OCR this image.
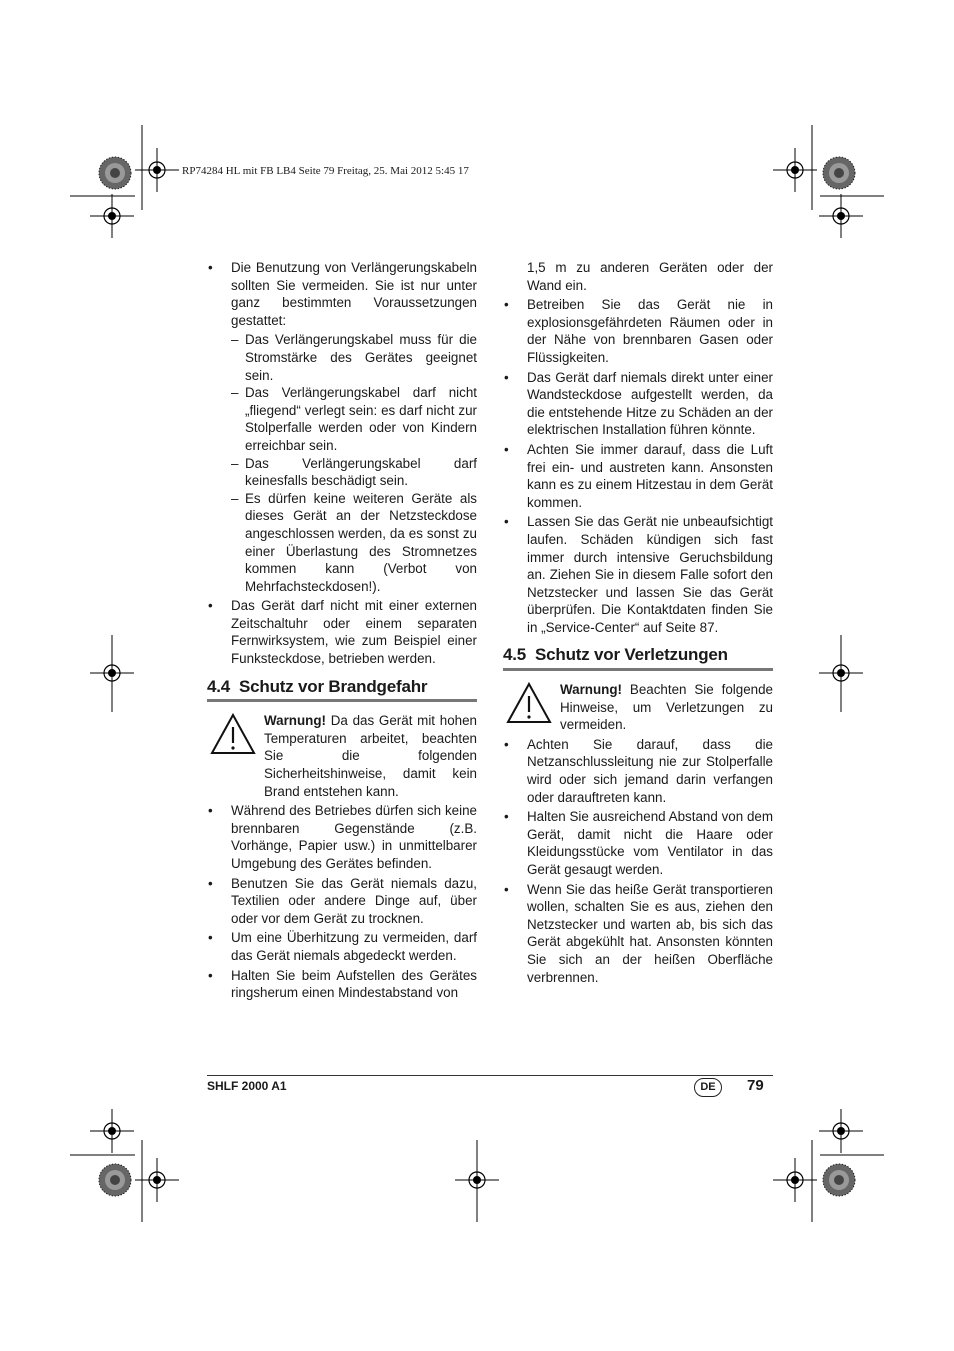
RP74284 HL mit FB LB4 Seite 79 Freitag, 25. Mai 2012 5:45 17

• Die Benutzung von Verlängerungskabeln sollten Sie vermeiden. Sie ist nur unter ganz bestimmten Voraussetzungen gestattet:

– Das Verlängerungskabel muss für die Stromstärke des Gerätes geeignet sein.
– Das Verlängerungskabel darf nicht „fliegend“ verlegt sein: es darf nicht zur Stolperfalle werden oder von Kindern erreichbar sein.
– Das Verlängerungskabel darf keinesfalls beschädigt sein.
– Es dürfen keine weiteren Geräte als dieses Gerät an der Netzsteckdose angeschlossen werden, da es sonst zu einer Überlastung des Stromnetzes kommen kann (Verbot von Mehrfachsteckdosen!).

• Das Gerät darf nicht mit einer externen Zeitschaltuhr oder einem separaten Fernwirksystem, wie zum Beispiel einer Funksteckdose, betrieben werden.

4.4 Schutz vor Brandgefahr
Warnung! Da das Gerät mit hohen Temperaturen arbeitet, beachten Sie die folgenden Sicherheitshinweise, damit kein Brand entstehen kann.

• Während des Betriebes dürfen sich keine brennbaren Gegenstände (z.B. Vorhänge, Papier usw.) in unmittelbarer Umgebung des Gerätes befinden.

• Benutzen Sie das Gerät niemals dazu, Textilien oder andere Dinge auf, über oder vor dem Gerät zu trocknen.

• Um eine Überhitzung zu vermeiden, darf das Gerät niemals abgedeckt werden.

• Halten Sie beim Aufstellen des Gerätes ringsherum einen Mindestabstand von

1,5 m zu anderen Geräten oder der Wand ein.

• Betreiben Sie das Gerät nie in explosionsgefährdeten Räumen oder in der Nähe von brennbaren Gasen oder Flüssigkeiten.

• Das Gerät darf niemals direkt unter einer Wandsteckdose aufgestellt werden, da die entstehende Hitze zu Schäden an der elektrischen Installation führen könnte.

• Achten Sie immer darauf, dass die Luft frei ein- und austreten kann. Ansonsten kann es zu einem Hitzestau in dem Gerät kommen.

• Lassen Sie das Gerät nie unbeaufsichtigt laufen. Schäden kündigen sich fast immer durch intensive Geruchsbildung an. Ziehen Sie in diesem Falle sofort den Netzstecker und lassen Sie das Gerät überprüfen. Die Kontaktdaten finden Sie in „Service-Center“ auf Seite 87.

4.5 Schutz vor Verletzungen
Warnung! Beachten Sie folgende Hinweise, um Verletzungen zu vermeiden.

• Achten Sie darauf, dass die Netzanschlussleitung nie zur Stolperfalle wird oder sich jemand darin verfangen oder darauftreten kann.

• Halten Sie ausreichend Abstand von dem Gerät, damit nicht die Haare oder Kleidungsstücke vom Ventilator in das Gerät gesaugt werden.

• Wenn Sie das heiße Gerät transportieren wollen, schalten Sie es aus, ziehen den Netzstecker und warten ab, bis sich das Gerät abgekühlt hat. Ansonsten könnten Sie sich an der heißen Oberfläche verbrennen.

SHLF 2000 A1	DE	79
